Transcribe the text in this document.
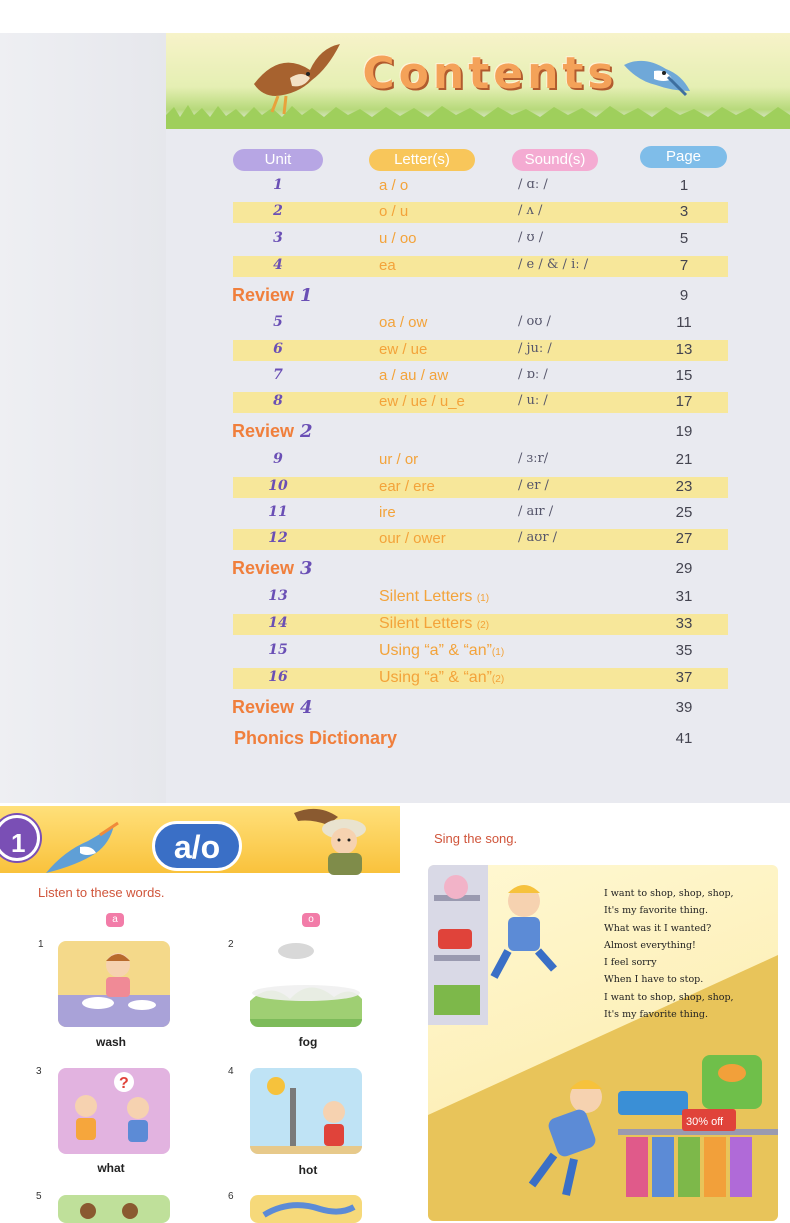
Contents
Unit	Letter(s)	Sound(s)	Page
1	a / o	/ ɑː /	1
2	o / u	/ ʌ /	3
3	u / oo	/ ʊ /	5
4	ea	/ e / & / iː /	7
Review 1	9
5	oa / ow	/ oʊ /	11
6	ew / ue	/ juː /	13
7	a / au / aw	/ ɒː /	15
8	ew / ue / u_e	/ uː /	17
Review 2	19
9	ur / or	/ ɜːr/	21
10	ear / ere	/ er /	23
11	ire	/ aɪr /	25
12	our / ower	/ aʊr /	27
Review 3	29
13	Silent Letters (1)	31
14	Silent Letters (2)	33
15	Using “a” & “an”(1)	35
16	Using “a” & “an”(2)	37
Review 4	39
Phonics Dictionary	41
1	a/o
Listen to these words.
a	o
1
wash
2
fog
3
?
what
4
hot
5	6
Sing the song.
30% off
I want to shop, shop, shop,
It's my favorite thing.
What was it I wanted?
Almost everything!
I feel sorry
When I have to stop.
I want to shop, shop, shop,
It's my favorite thing.
